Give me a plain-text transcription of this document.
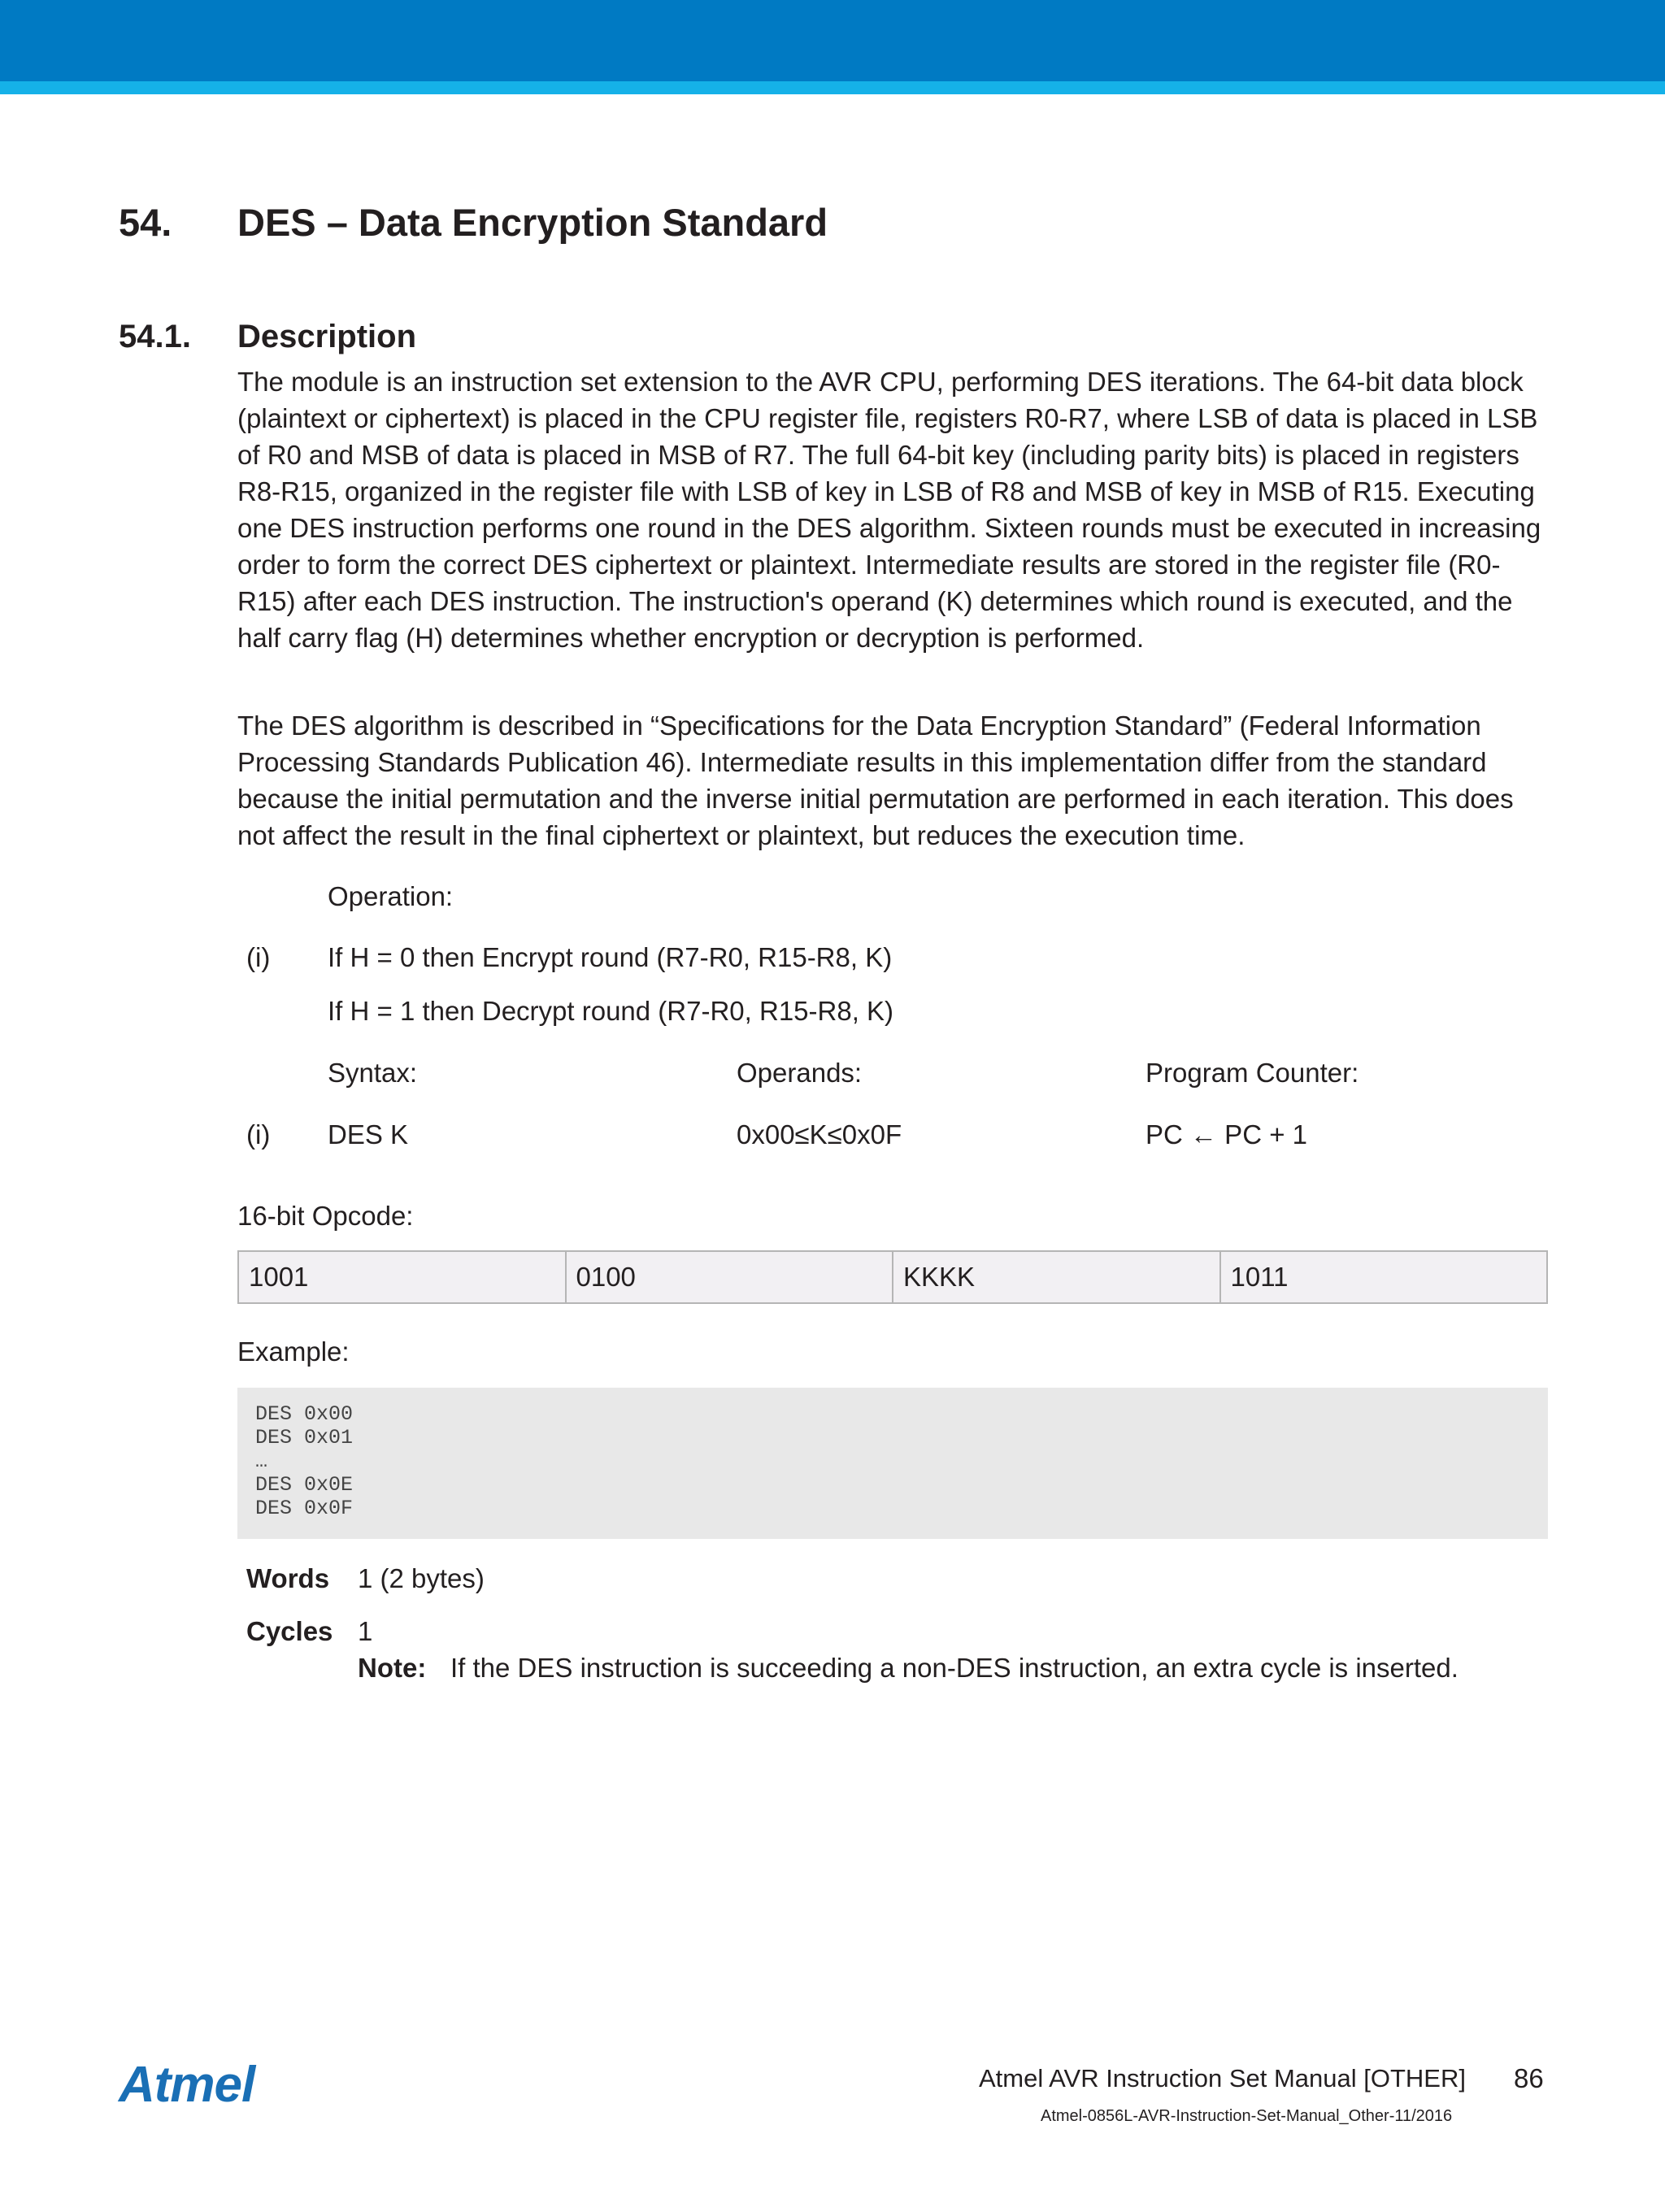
54. DES – Data Encryption Standard
54.1. Description

The module is an instruction set extension to the AVR CPU, performing DES iterations. The 64-bit data block (plaintext or ciphertext) is placed in the CPU register file, registers R0-R7, where LSB of data is placed in LSB of R0 and MSB of data is placed in MSB of R7. The full 64-bit key (including parity bits) is placed in registers R8-R15, organized in the register file with LSB of key in LSB of R8 and MSB of key in MSB of R15. Executing one DES instruction performs one round in the DES algorithm. Sixteen rounds must be executed in increasing order to form the correct DES ciphertext or plaintext. Intermediate results are stored in the register file (R0-R15) after each DES instruction. The instruction's operand (K) determines which round is executed, and the half carry flag (H) determines whether encryption or decryption is performed.

The DES algorithm is described in “Specifications for the Data Encryption Standard” (Federal Information Processing Standards Publication 46). Intermediate results in this implementation differ from the standard because the initial permutation and the inverse initial permutation are performed in each iteration. This does not affect the result in the final ciphertext or plaintext, but reduces the execution time.

Operation:
(i) If H = 0 then Encrypt round (R7-R0, R15-R8, K)
If H = 1 then Decrypt round (R7-R0, R15-R8, K)
Syntax:	Operands:	Program Counter:
(i) DES K	0x00≤K≤0x0F	PC ← PC + 1
16-bit Opcode:
1001	0100	KKKK	1011
Example:
DES 0x00
DES 0x01
…
DES 0x0E
DES 0x0F
Words 1 (2 bytes)
Cycles 1
Note: If the DES instruction is succeeding a non-DES instruction, an extra cycle is inserted.
Atmel	Atmel AVR Instruction Set Manual [OTHER] 86
Atmel-0856L-AVR-Instruction-Set-Manual_Other-11/2016
